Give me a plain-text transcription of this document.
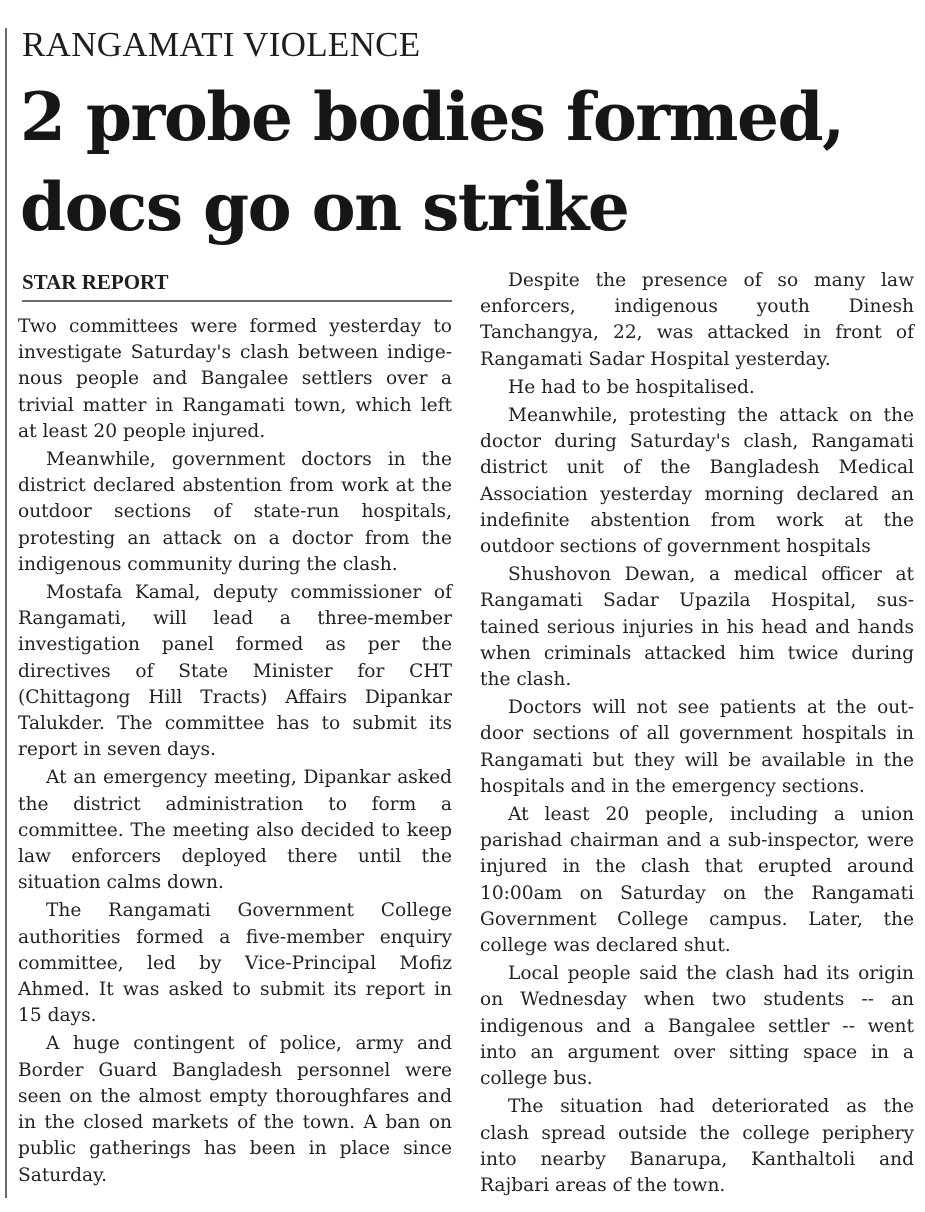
RANGAMATI VIOLENCE
2 probe bodies formed, docs go on strike
STAR REPORT

Two committees were formed yesterday to investigate Saturday's clash between indige-nous people and Bangalee settlers over a trivial matter in Rangamati town, which left at least 20 people injured.

Meanwhile, government doctors in the district declared abstention from work at the outdoor sections of state-run hospitals, protesting an attack on a doctor from the indigenous community during the clash.

Mostafa Kamal, deputy commissioner of Rangamati, will lead a three-member investigation panel formed as per the directives of State Minister for CHT (Chittagong Hill Tracts) Affairs Dipankar Talukder. The committee has to submit its report in seven days.

At an emergency meeting, Dipankar asked the district administration to form a committee. The meeting also decided to keep law enforcers deployed there until the situation calms down.

The Rangamati Government College authorities formed a five-member enquiry committee, led by Vice-Principal Mofiz Ahmed. It was asked to submit its report in 15 days.

A huge contingent of police, army and Border Guard Bangladesh personnel were seen on the almost empty thoroughfares and in the closed markets of the town. A ban on public gatherings has been in place since Saturday.

Despite the presence of so many law enforcers, indigenous youth Dinesh Tanchangya, 22, was attacked in front of Rangamati Sadar Hospital yesterday.

He had to be hospitalised.

Meanwhile, protesting the attack on the doctor during Saturday's clash, Rangamati district unit of the Bangladesh Medical Association yesterday morning declared an indefinite abstention from work at the outdoor sections of government hospitals

Shushovon Dewan, a medical officer at Rangamati Sadar Upazila Hospital, sus-tained serious injuries in his head and hands when criminals attacked him twice during the clash.

Doctors will not see patients at the out-door sections of all government hospitals in Rangamati but they will be available in the hospitals and in the emergency sections.

At least 20 people, including a union parishad chairman and a sub-inspector, were injured in the clash that erupted around 10:00am on Saturday on the Rangamati Government College campus. Later, the college was declared shut.

Local people said the clash had its origin on Wednesday when two students -- an indigenous and a Bangalee settler -- went into an argument over sitting space in a college bus.

The situation had deteriorated as the clash spread outside the college periphery into nearby Banarupa, Kanthaltoli and Rajbari areas of the town.
